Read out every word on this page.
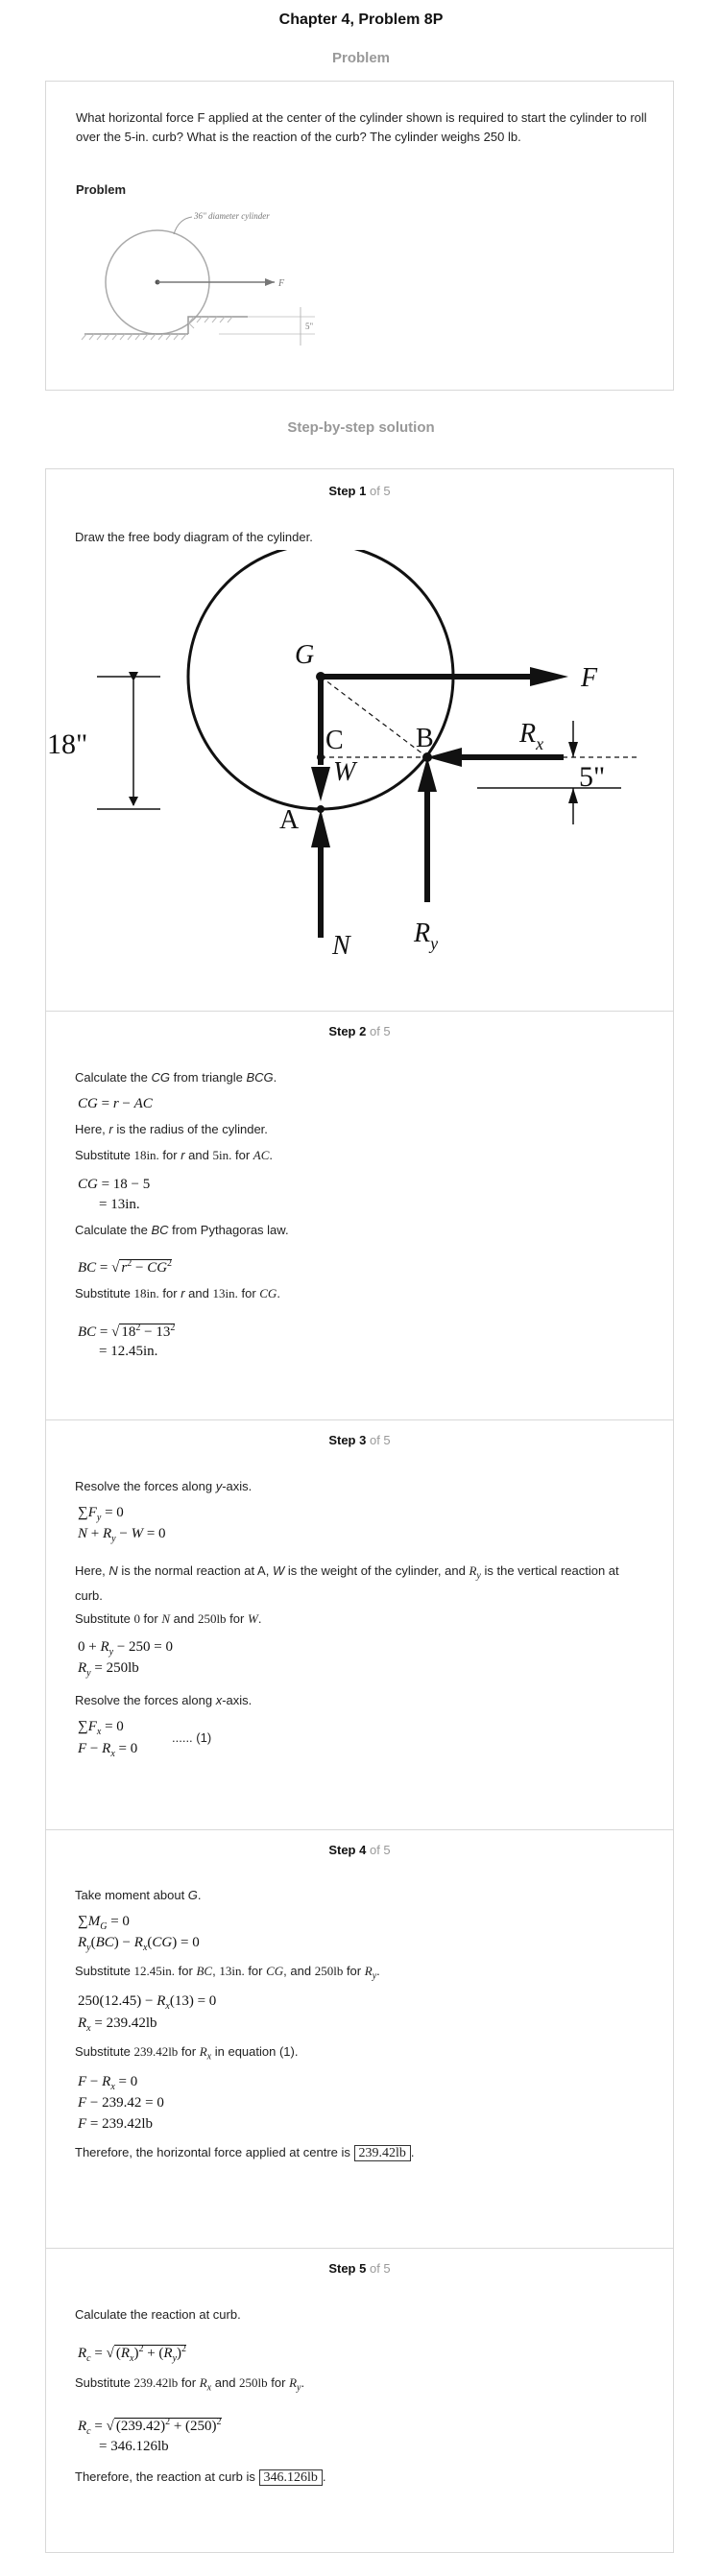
Chapter 4, Problem 8P
Problem
What horizontal force F applied at the center of the cylinder shown is required to start the cylinder to roll over the 5-in. curb? What is the reaction of the curb? The cylinder weighs 250 lb.
Problem
F
36" diameter cylinder
5"
Step-by-step solution
Step 1 of 5
Draw the free body diagram of the cylinder.
G
F
C	B
W
A
$R_x$
$R_y$
N
18"
5"
Step 2 of 5
Calculate the CG from triangle BCG.
CG = r − AC
Here, r is the radius of the cylinder.
Substitute 18in. for r and 5in. for AC.
CG = 18 − 5
= 13in.
Calculate the BC from Pythagoras law.
BC = √ $r^2 - CG^2$
Substitute 18in. for r and 13in. for CG.
BC = √ $18^2 - 13^2$
= 12.45in.
Step 3 of 5
Resolve the forces along y-axis.
$\sum F_y = 0$
$N + R_y - W = 0$
Here, N is the normal reaction at A, W is the weight of the cylinder, and $R_y$ is the vertical reaction at curb.
Substitute 0 for N and 250lb for W.
$0 + R_y - 250 = 0$
$R_y = 250lb$
Resolve the forces along x-axis.
$\sum F_x = 0$
$F - R_x = 0$
...... (1)
Step 4 of 5
Take moment about G.
$\sum M_G = 0$
$R_y(BC) - R_x(CG) = 0$
Substitute 12.45in. for BC, 13in. for CG, and 250lb for $R_y$.
$250(12.45) - R_x(13) = 0$
$R_x = 239.42lb$
Substitute 239.42lb for $R_x$ in equation (1).
$F - R_x = 0$
F − 239.42 = 0
F = 239.42lb
Therefore, the horizontal force applied at centre is 239.42lb .
Step 5 of 5
Calculate the reaction at curb.
$R_c$ = √ $(R_x)^2 + (R_y)^2$
Substitute 239.42lb for $R_x$ and 250lb for $R_y$.
$R_c$ = √ $(239.42)^2 + (250)^2$
= 346.126lb
Therefore, the reaction at curb is 346.126lb .
